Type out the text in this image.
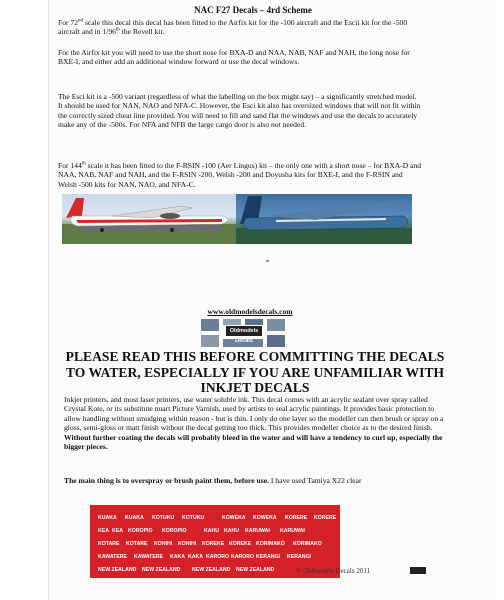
NAC F27 Decals – 4rd Scheme
For 72nd scale this decal this decal has been fitted to the Airfix kit for the -100 aircraft and the Escii kit for the -500 aircraft and in 1/96th the Revell kit.
For the Airfix kit you will need to use the short nose for BXA-D and NAA, NAB, NAF and NAH, the long nose for BXE-I, and either add an additional window forward or use the decal windows.
The Esci kit is a -500 variant (regardless of what the labelling on the box might say) – a significantly stretched model. It should be used for NAN, NAO and NFA-C. However, the Esci kit also has oversized windows that will not fit within the correctly sized cheat line provided. You will need to fill and sand flat the windows and use the decals to accurately make any of the -500s. For NFA and NFB the large cargo door is also not needed.
For 144th scale it has been fitted to the F-RSIN -100 (Aer Lingus) kit – the only one with a short nose – for BXA-D and NAA, NAB, NAF and NAH, and the F-RSIN -200, Welsh -200 and Doyusha kits for BXE-I, and the F-RSIN and Welsh -500 kits for NAN, NAO, and NFA-C.
www.oldmodelsdecals.com
Oldmodels Decals
PLEASE READ THIS BEFORE COMMITTING THE DECALS TO WATER, ESPECIALLY IF YOU ARE UNFAMILIAR WITH INKJET DECALS
Inkjet printers, and most laser printers, use water soluble ink. This decal comes with an acrylic sealant over spray called Crystal Kote, or its substitute nuart Picture Varnish, used by artists to seal acrylic paintings. It provides basic protection to allow handling without smudging within reason - but is thin. I only do one layer so the modeller can then brush or spray on a gloss, semi-gloss or matt finish without the decal getting too thick. This provides modeller choice as to the desired finish. Without further coating the decals will probably bleed in the water and will have a tendency to curl up, especially the bigger pieces.
The main thing is to overspray or brush paint them, before use. I have used Tamiya X22 clear
KUAKA KUAKA KOTUKU KOTUKU	KOWEKA KOWEKA KORERE KORERE
KEA KEA KOROPIO KOROPIO	KAHU KAHU KARUWAI KARUWAI
KOTARE KOTARE KOHIHI KOHIHI KOREKE KOREKE KORIMAKO KORIMAKO
KAWATERE KAWATERE KAKA KAKA KARORO KARORO KERANGI KERANGI
NEW ZEALAND NEW ZEALAND NEW ZEALAND NEW ZEALAND	© Oldmodels Decals 2011
